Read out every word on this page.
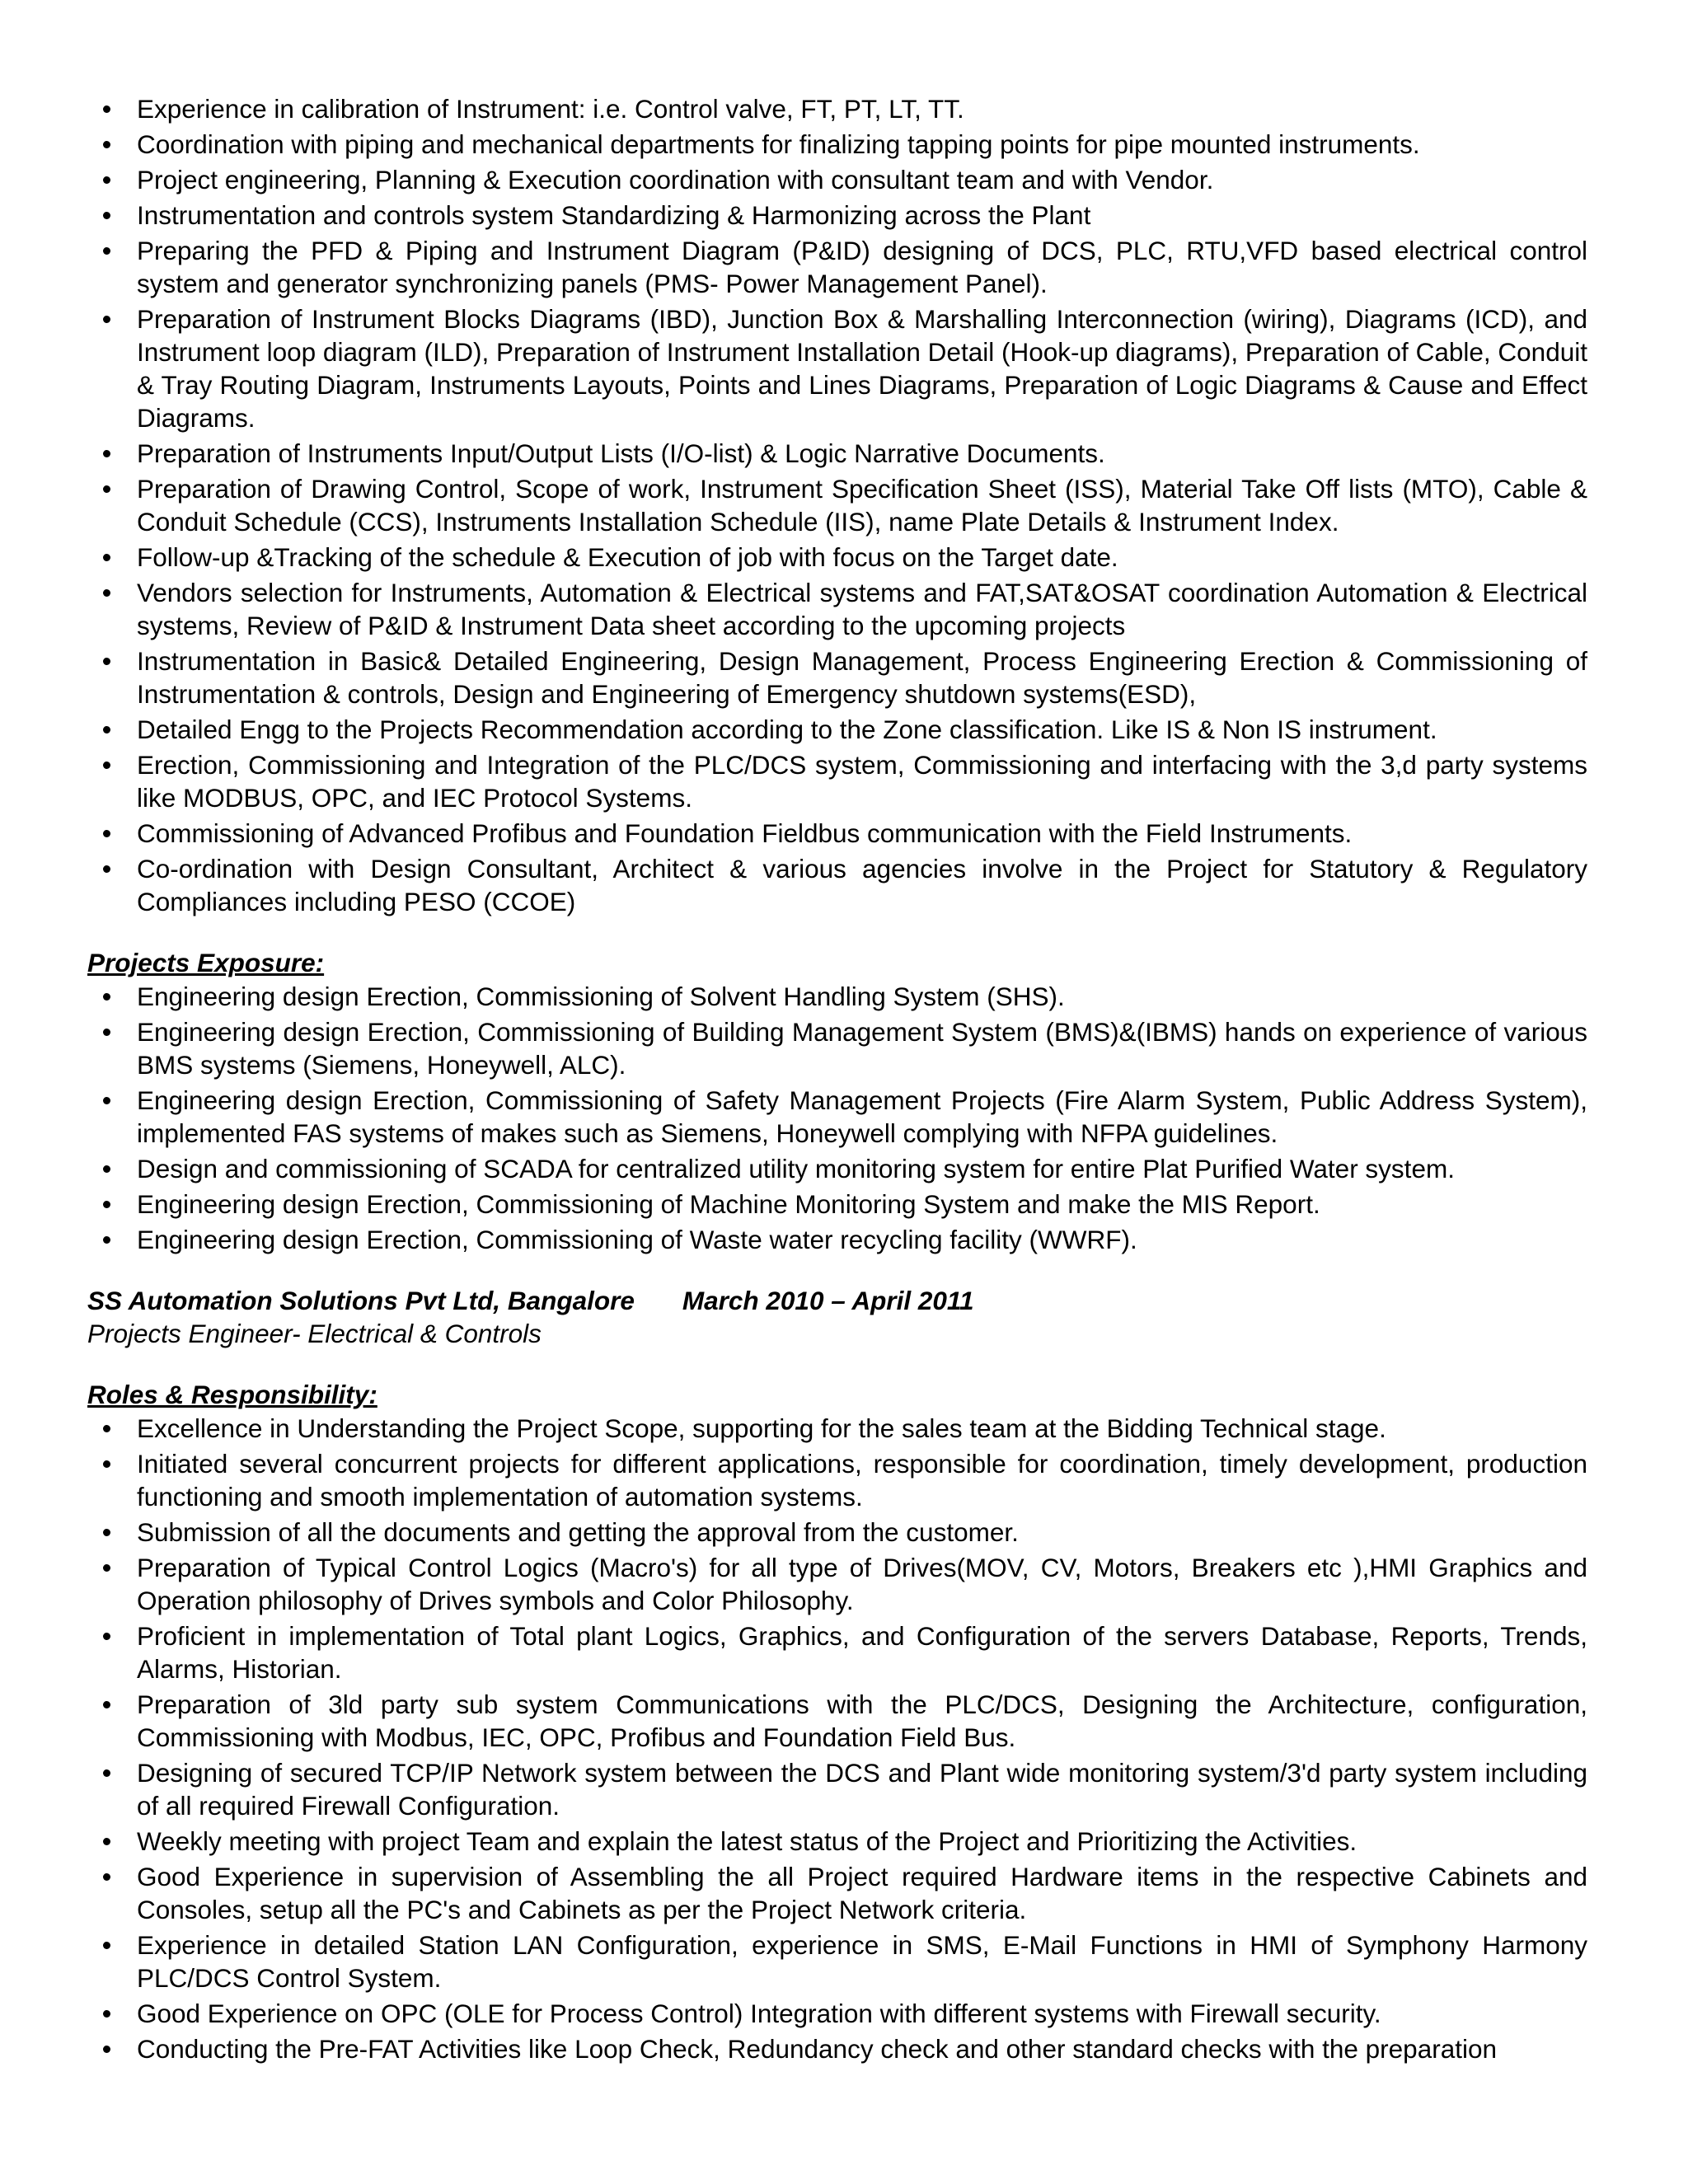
Experience in calibration of Instrument: i.e. Control valve, FT, PT, LT, TT.
Coordination with piping and mechanical departments for finalizing tapping points for pipe mounted instruments.
Project engineering, Planning & Execution coordination with consultant team and with Vendor.
Instrumentation and controls system Standardizing & Harmonizing across the Plant
Preparing the PFD & Piping and Instrument Diagram (P&ID) designing of DCS, PLC, RTU,VFD based electrical control system and generator synchronizing panels (PMS- Power Management Panel).
Preparation of Instrument Blocks Diagrams (IBD), Junction Box & Marshalling Interconnection (wiring), Diagrams (ICD), and Instrument loop diagram (ILD), Preparation of Instrument Installation Detail (Hook-up diagrams), Preparation of Cable, Conduit & Tray Routing Diagram, Instruments Layouts, Points and Lines Diagrams, Preparation of Logic Diagrams & Cause and Effect Diagrams.
Preparation of Instruments Input/Output Lists (I/O-list) & Logic Narrative Documents.
Preparation of Drawing Control, Scope of work, Instrument Specification Sheet (ISS), Material Take Off lists (MTO), Cable & Conduit Schedule (CCS), Instruments Installation Schedule (IIS), name Plate Details & Instrument Index.
Follow-up &Tracking of the schedule & Execution of job with focus on the Target date.
Vendors selection for Instruments, Automation & Electrical systems and FAT,SAT&OSAT coordination Automation & Electrical systems, Review of P&ID & Instrument Data sheet according to the upcoming projects
Instrumentation in Basic& Detailed Engineering, Design Management, Process Engineering Erection & Commissioning of Instrumentation & controls, Design and Engineering of Emergency shutdown systems(ESD),
Detailed Engg to the Projects Recommendation according to the Zone classification. Like IS & Non IS instrument.
Erection, Commissioning and Integration of the PLC/DCS system, Commissioning and interfacing with the 3,d party systems like MODBUS, OPC, and IEC Protocol Systems.
Commissioning of Advanced Profibus and Foundation Fieldbus communication with the Field Instruments.
Co-ordination with Design Consultant, Architect & various agencies involve in the Project for Statutory & Regulatory Compliances including PESO (CCOE)
Projects Exposure:
Engineering design Erection, Commissioning of Solvent Handling System (SHS).
Engineering design Erection, Commissioning of Building Management System (BMS)&(IBMS) hands on experience of various BMS systems (Siemens, Honeywell, ALC).
Engineering design Erection, Commissioning of Safety Management Projects (Fire Alarm System, Public Address System), implemented FAS systems of makes such as Siemens, Honeywell complying with NFPA guidelines.
Design and commissioning of SCADA for centralized utility monitoring system for entire Plat Purified Water system.
Engineering design Erection, Commissioning of Machine Monitoring System and make the MIS Report.
Engineering design Erection, Commissioning of Waste water recycling facility (WWRF).
SS Automation Solutions Pvt Ltd, Bangalore March 2010 – April 2011
Projects Engineer- Electrical & Controls
Roles & Responsibility:
Excellence in Understanding the Project Scope, supporting for the sales team at the Bidding Technical stage.
Initiated several concurrent projects for different applications, responsible for coordination, timely development, production functioning and smooth implementation of automation systems.
Submission of all the documents and getting the approval from the customer.
Preparation of Typical Control Logics (Macro's) for all type of Drives(MOV, CV, Motors, Breakers etc ),HMI Graphics and Operation philosophy of Drives symbols and Color Philosophy.
Proficient in implementation of Total plant Logics, Graphics, and Configuration of the servers Database, Reports, Trends, Alarms, Historian.
Preparation of 3ld party sub system Communications with the PLC/DCS, Designing the Architecture, configuration, Commissioning with Modbus, IEC, OPC, Profibus and Foundation Field Bus.
Designing of secured TCP/IP Network system between the DCS and Plant wide monitoring system/3'd party system including of all required Firewall Configuration.
Weekly meeting with project Team and explain the latest status of the Project and Prioritizing the Activities.
Good Experience in supervision of Assembling the all Project required Hardware items in the respective Cabinets and Consoles, setup all the PC's and Cabinets as per the Project Network criteria.
Experience in detailed Station LAN Configuration, experience in SMS, E-Mail Functions in HMI of Symphony Harmony PLC/DCS Control System.
Good Experience on OPC (OLE for Process Control) Integration with different systems with Firewall security.
Conducting the Pre-FAT Activities like Loop Check, Redundancy check and other standard checks with the preparation
